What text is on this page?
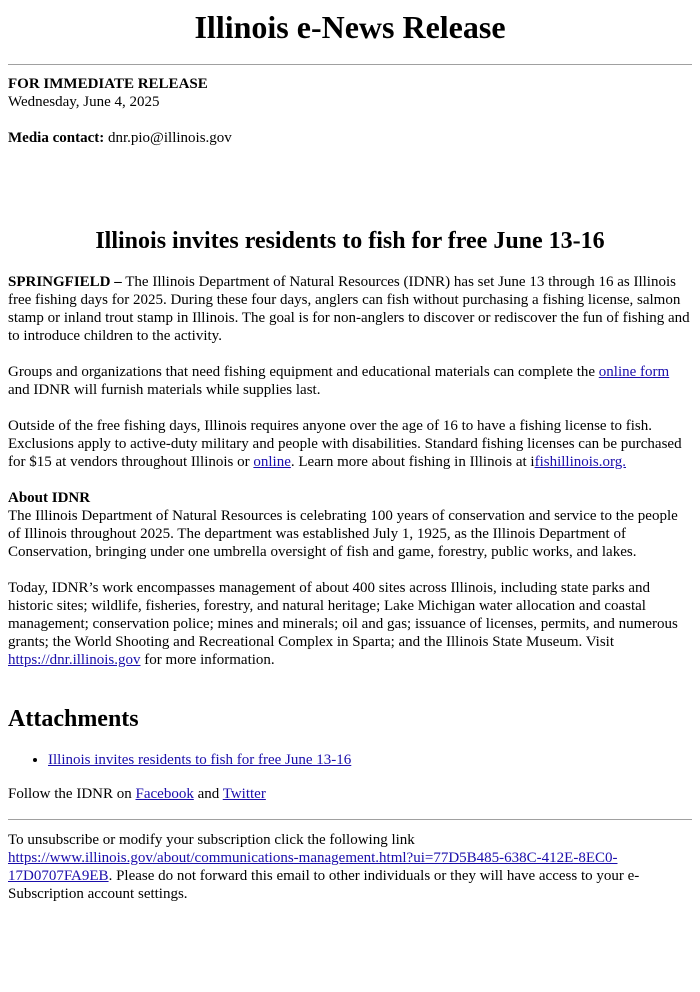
Illinois e-News Release

FOR IMMEDIATE RELEASE

Wednesday, June 4, 2025

Media contact: dnr.pio@illinois.gov

Illinois invites residents to fish for free June 13-16

SPRINGFIELD – The Illinois Department of Natural Resources (IDNR) has set June 13 through 16 as Illinois free fishing days for 2025. During these four days, anglers can fish without purchasing a fishing license, salmon stamp or inland trout stamp in Illinois. The goal is for non-anglers to discover or rediscover the fun of fishing and to introduce children to the activity.

Groups and organizations that need fishing equipment and educational materials can complete the online form and IDNR will furnish materials while supplies last.

Outside of the free fishing days, Illinois requires anyone over the age of 16 to have a fishing license to fish. Exclusions apply to active-duty military and people with disabilities. Standard fishing licenses can be purchased for $15 at vendors throughout Illinois or online. Learn more about fishing in Illinois at ifishillinois.org.

About IDNR
The Illinois Department of Natural Resources is celebrating 100 years of conservation and service to the people of Illinois throughout 2025. The department was established July 1, 1925, as the Illinois Department of Conservation, bringing under one umbrella oversight of fish and game, forestry, public works, and lakes.

Today, IDNR’s work encompasses management of about 400 sites across Illinois, including state parks and historic sites; wildlife, fisheries, forestry, and natural heritage; Lake Michigan water allocation and coastal management; conservation police; mines and minerals; oil and gas; issuance of licenses, permits, and numerous grants; the World Shooting and Recreational Complex in Sparta; and the Illinois State Museum. Visit https://dnr.illinois.gov for more information.

Attachments
• Illinois invites residents to fish for free June 13-16

Follow the IDNR on Facebook and Twitter

To unsubscribe or modify your subscription click the following link
https://www.illinois.gov/about/communications-management.html?ui=77D5B485-638C-412E-8EC0-17D0707FA9EB. Please do not forward this email to other individuals or they will have access to your e-Subscription account settings.
